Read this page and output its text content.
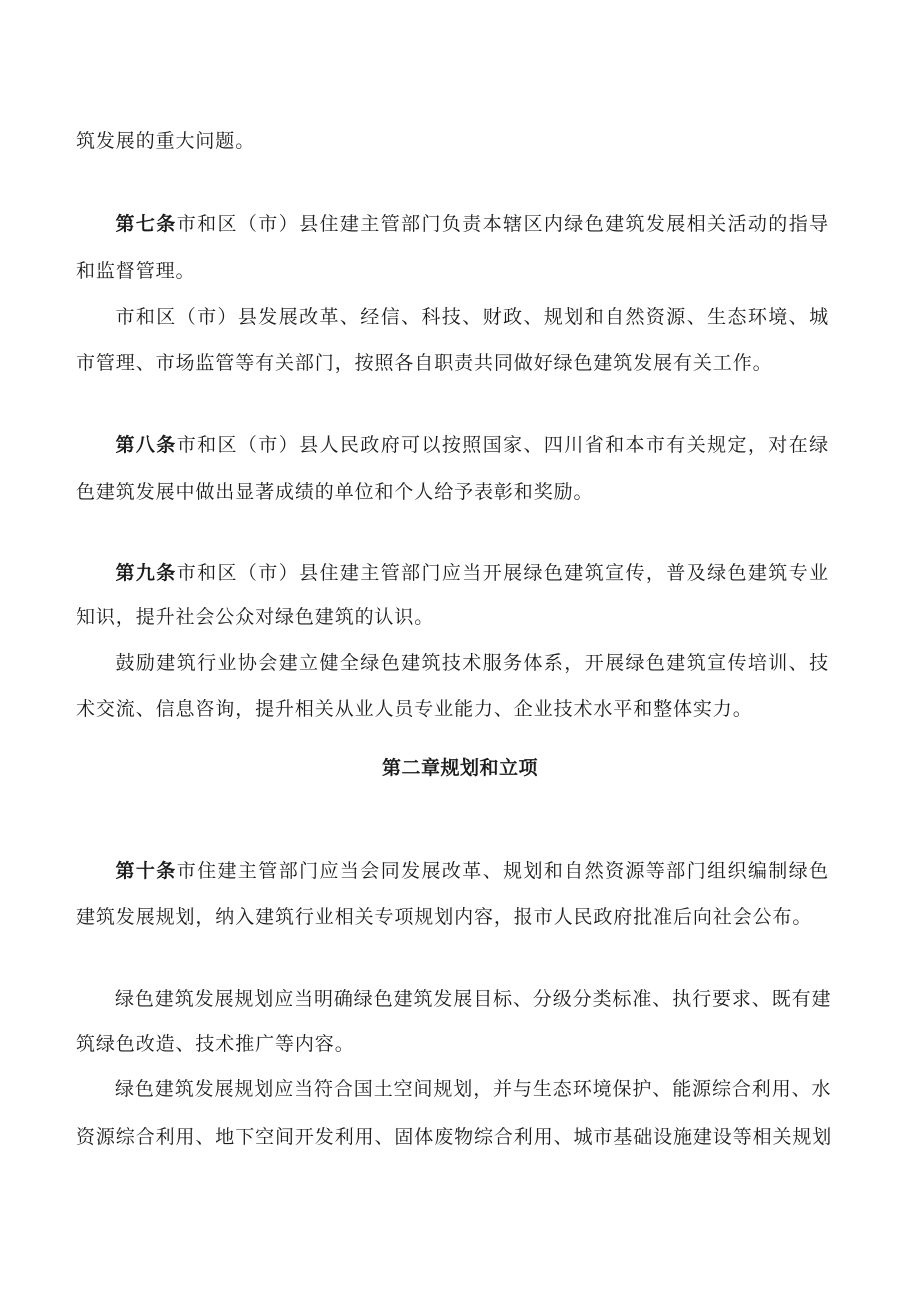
筑发展的重大问题。

第七条市和区（市）县住建主管部门负责本辖区内绿色建筑发展相关活动的指导

和监督管理。

市和区（市）县发展改革、经信、科技、财政、规划和自然资源、生态环境、城

市管理、市场监管等有关部门，按照各自职责共同做好绿色建筑发展有关工作。

第八条市和区（市）县人民政府可以按照国家、四川省和本市有关规定，对在绿

色建筑发展中做出显著成绩的单位和个人给予表彰和奖励。

第九条市和区（市）县住建主管部门应当开展绿色建筑宣传，普及绿色建筑专业

知识，提升社会公众对绿色建筑的认识。

鼓励建筑行业协会建立健全绿色建筑技术服务体系，开展绿色建筑宣传培训、技

术交流、信息咨询，提升相关从业人员专业能力、企业技术水平和整体实力。

第二章规划和立项

第十条市住建主管部门应当会同发展改革、规划和自然资源等部门组织编制绿色

建筑发展规划，纳入建筑行业相关专项规划内容，报市人民政府批准后向社会公布。

绿色建筑发展规划应当明确绿色建筑发展目标、分级分类标准、执行要求、既有建

筑绿色改造、技术推广等内容。

绿色建筑发展规划应当符合国土空间规划，并与生态环境保护、能源综合利用、水

资源综合利用、地下空间开发利用、固体废物综合利用、城市基础设施建设等相关规划
